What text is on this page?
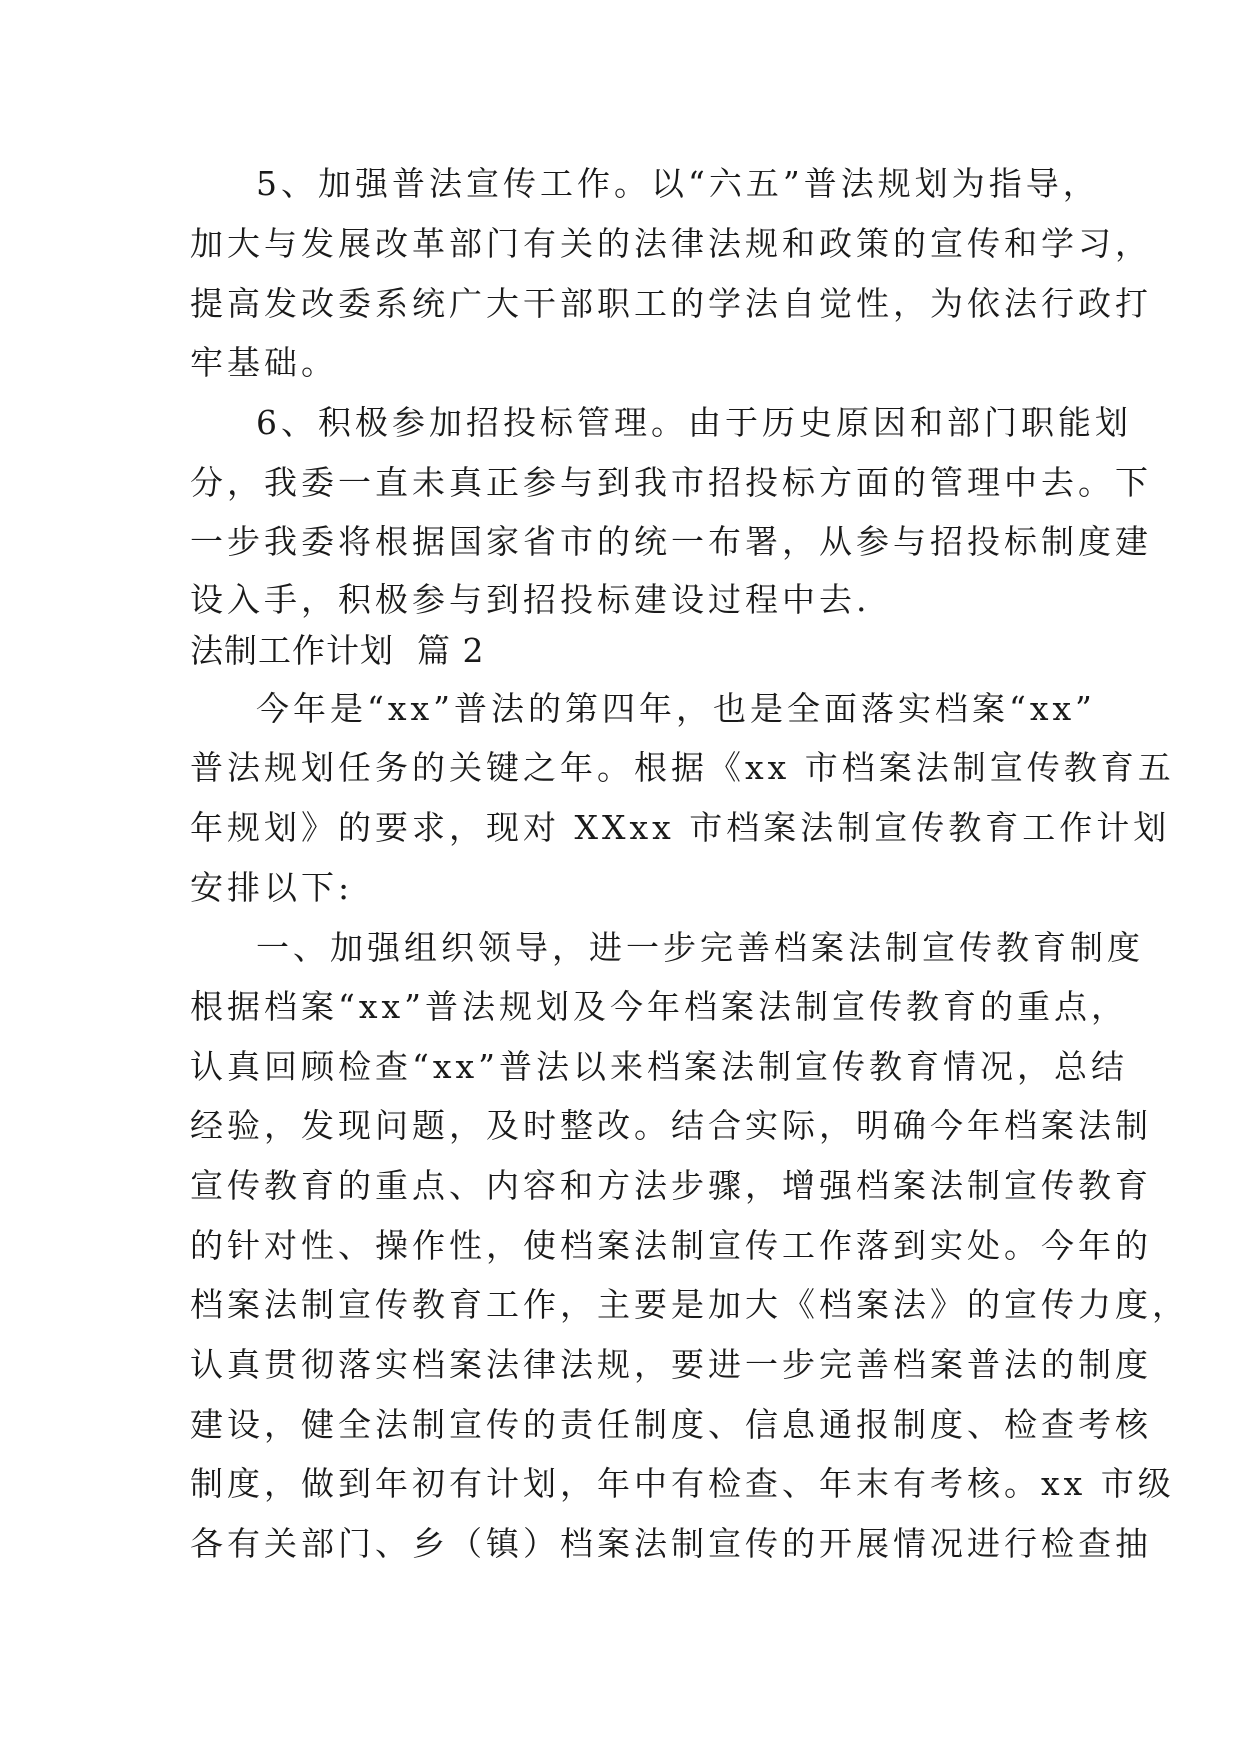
5、加强普法宣传工作。以“六五”普法规划为指导，
加大与发展改革部门有关的法律法规和政策的宣传和学习，
提高发改委系统广大干部职工的学法自觉性，为依法行政打
牢基础。
6、积极参加招投标管理。由于历史原因和部门职能划
分，我委一直未真正参与到我市招投标方面的管理中去。下
一步我委将根据国家省市的统一布署，从参与招投标制度建
设入手，积极参与到招投标建设过程中去.
法制工作计划  篇 2
今年是“xx”普法的第四年，也是全面落实档案“xx”
普法规划任务的关键之年。根据《xx 市档案法制宣传教育五
年规划》的要求，现对 XXxx 市档案法制宣传教育工作计划
安排以下:
一、加强组织领导，进一步完善档案法制宣传教育制度
根据档案“xx”普法规划及今年档案法制宣传教育的重点，
认真回顾检查“xx”普法以来档案法制宣传教育情况，总结
经验，发现问题，及时整改。结合实际，明确今年档案法制
宣传教育的重点、内容和方法步骤，增强档案法制宣传教育
的针对性、操作性，使档案法制宣传工作落到实处。今年的
档案法制宣传教育工作，主要是加大《档案法》的宣传力度，
认真贯彻落实档案法律法规，要进一步完善档案普法的制度
建设，健全法制宣传的责任制度、信息通报制度、检查考核
制度，做到年初有计划，年中有检查、年末有考核。xx 市级
各有关部门、乡（镇）档案法制宣传的开展情况进行检查抽
